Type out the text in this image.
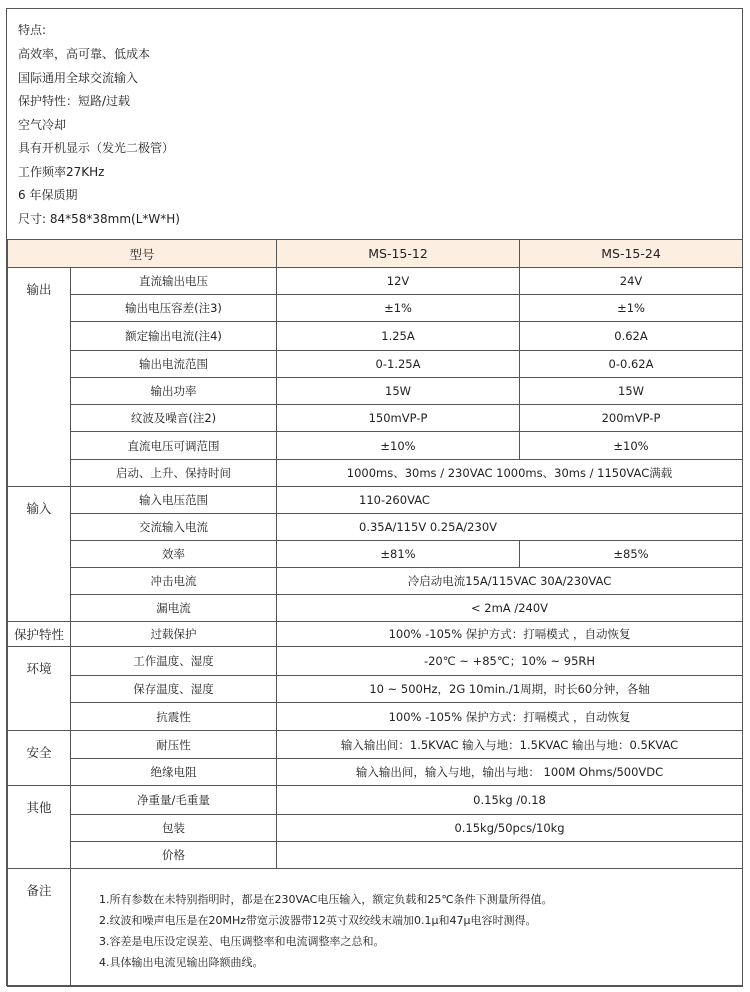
特点:
高效率，高可靠、低成本
国际通用全球交流输入
保护特性：短路/过载
空气冷却
具有开机显示（发光二极管）
工作频率27KHz
6 年保质期
尺寸: 84*58*38mm(L*W*H)
型号		MS-15-12	MS-15-24
输出	直流输出电压	12V	24V
	输出电压容差(注3)	±1%	±1%
	额定输出电流(注4)	1.25A	0.62A
	输出电流范围	0-1.25A	0-0.62A
	输出功率	15W	15W
	纹波及噪音(注2)	150mVP-P	200mVP-P
	直流电压可调范围	±10%	±10%
	启动、上升、保持时间	1000ms、30ms / 230VAC 1000ms、30ms / 1150VAC满载	
输入	输入电压范围	110-260VAC	
	交流输入电流	0.35A/115V 0.25A/230V	
	效率	±81%	±85%
	冲击电流	冷启动电流15A/115VAC 30A/230VAC	
	漏电流	< 2mA /240V	
保护特性	过载保护	100% -105% 保护方式：打嗝模式 ，自动恢复	
环境	工作温度、湿度	-20℃ ~ +85℃；10% ~ 95RH	
	保存温度、湿度	10 ~ 500Hz，2G 10min./1周期，时长60分钟，各轴	
	抗震性	100% -105% 保护方式：打嗝模式 ，自动恢复	
安全	耐压性	输入输出间：1.5KVAC 输入与地：1.5KVAC 输出与地：0.5KVAC	
	绝缘电阻	输入输出间，输入与地，输出与地： 100M Ohms/500VDC	
其他	净重量/毛重量	0.15kg /0.18	
	包装	0.15kg/50pcs/10kg	
	价格		
备注	1.所有参数在未特别指明时，都是在230VAC电压输入，额定负载和25℃条件下测量所得值。
2.纹波和噪声电压是在20MHz带宽示波器带12英寸双绞线末端加0.1μ和47μ电容时测得。
3.容差是电压设定误差、电压调整率和电流调整率之总和。
4.具体输出电流见输出降额曲线。		
